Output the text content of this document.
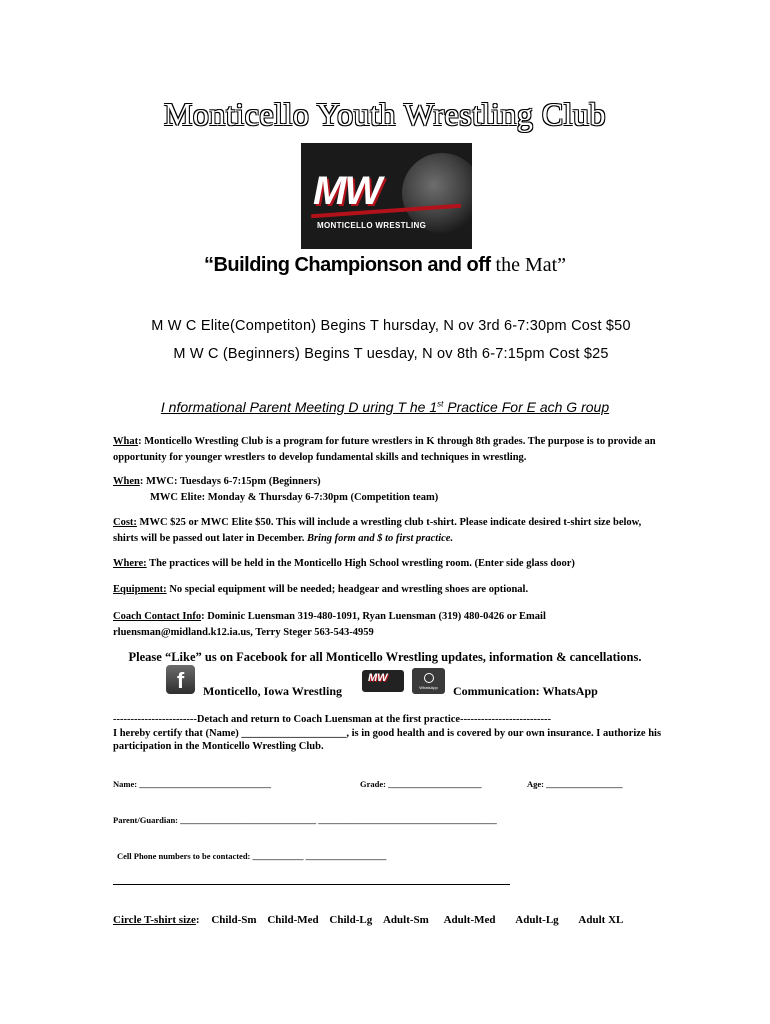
Monticello Youth Wrestling Club
MW
MONTICELLO WRESTLING
“Building Championson and off the Mat”
M W C Elite(Competiton) Begins T hursday, N ov 3rd 6-7:30pm Cost $50
M W C (Beginners) Begins T uesday, N ov 8th 6-7:15pm Cost $25
I nformational Parent Meeting D uring T he 1st Practice For E ach G roup
What: Monticello Wrestling Club is a program for future wrestlers in K through 8th grades. The purpose is to provide an opportunity for younger wrestlers to develop fundamental skills and techniques in wrestling.
When: MWC: Tuesdays 6-7:15pm (Beginners)
MWC Elite: Monday & Thursday 6-7:30pm (Competition team)
Cost: MWC $25 or MWC Elite $50. This will include a wrestling club t-shirt. Please indicate desired t-shirt size below, shirts will be passed out later in December. Bring form and $ to first practice.
Where: The practices will be held in the Monticello High School wrestling room. (Enter side glass door)
Equipment: No special equipment will be needed; headgear and wrestling shoes are optional.
Coach Contact Info: Dominic Luensman 319-480-1091, Ryan Luensman (319) 480-0426 or Email rluensman@midland.k12.ia.us, Terry Steger 563-543-4959
Please “Like” us on Facebook for all Monticello Wrestling updates, information & cancellations.
f	Monticello, Iowa Wrestling
MW
WhatsApp	Communication: WhatsApp
------------------------Detach and return to Coach Luensman at the first practice--------------------------
I hereby certify that (Name) ____________________, is in good health and is covered by our own insurance. I authorize his participation in the Monticello Wrestling Club.
Name: _______________________________	Grade: ______________________	Age: __________________
Parent/Guardian: ________________________________ __________________________________________
Cell Phone numbers to be contacted: ____________ ___________________
Circle T-shirt size: Child-Sm Child-Med Child-Lg Adult-Sm Adult-Med Adult-Lg Adult XL
